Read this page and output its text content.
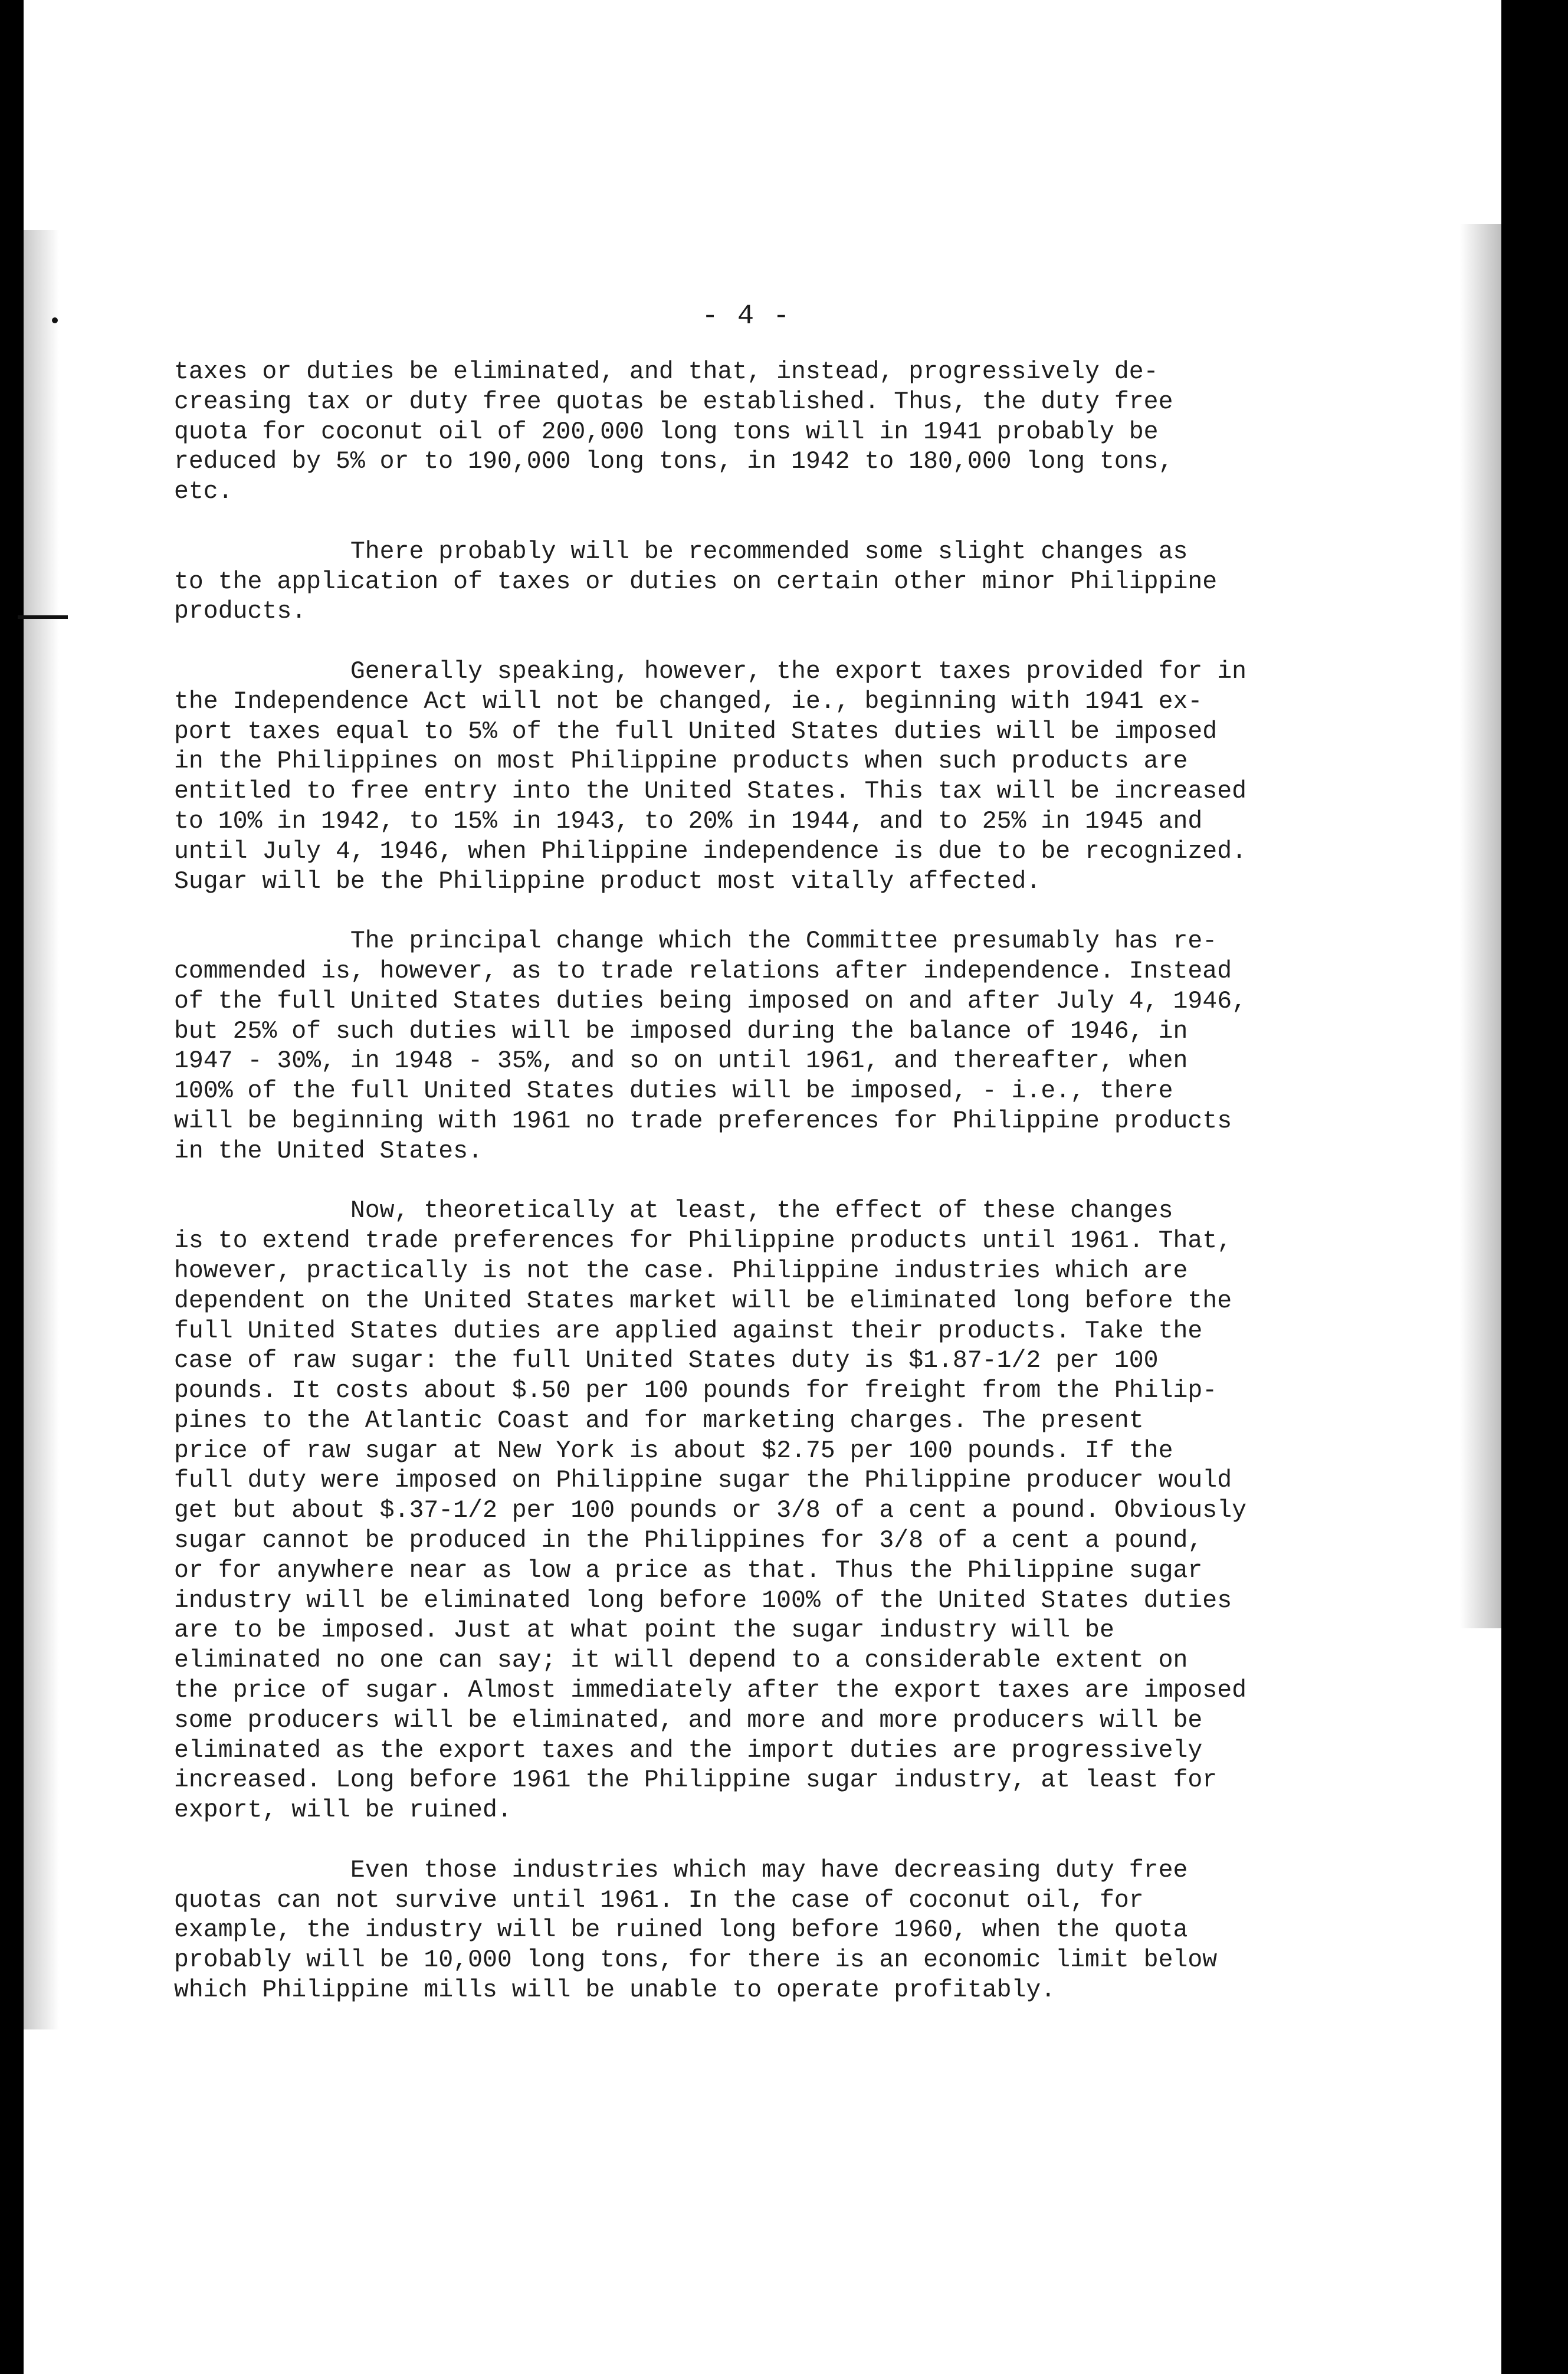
- 4 -
taxes or duties be eliminated, and that, instead, progressively de-
creasing tax or duty free quotas be established. Thus, the duty free
quota for coconut oil of 200,000 long tons will in 1941 probably be
reduced by 5% or to 190,000 long tons, in 1942 to 180,000 long tons,
etc.
There probably will be recommended some slight changes as
to the application of taxes or duties on certain other minor Philippine
products.
Generally speaking, however, the export taxes provided for in
the Independence Act will not be changed, ie., beginning with 1941 ex-
port taxes equal to 5% of the full United States duties will be imposed
in the Philippines on most Philippine products when such products are
entitled to free entry into the United States. This tax will be increased
to 10% in 1942, to 15% in 1943, to 20% in 1944, and to 25% in 1945 and
until July 4, 1946, when Philippine independence is due to be recognized.
Sugar will be the Philippine product most vitally affected.
The principal change which the Committee presumably has re-
commended is, however, as to trade relations after independence. Instead
of the full United States duties being imposed on and after July 4, 1946,
but 25% of such duties will be imposed during the balance of 1946, in
1947 - 30%, in 1948 - 35%, and so on until 1961, and thereafter, when
100% of the full United States duties will be imposed, - i.e., there
will be beginning with 1961 no trade preferences for Philippine products
in the United States.
Now, theoretically at least, the effect of these changes
is to extend trade preferences for Philippine products until 1961. That,
however, practically is not the case. Philippine industries which are
dependent on the United States market will be eliminated long before the
full United States duties are applied against their products. Take the
case of raw sugar: the full United States duty is $1.87-1/2 per 100
pounds. It costs about $.50 per 100 pounds for freight from the Philip-
pines to the Atlantic Coast and for marketing charges. The present
price of raw sugar at New York is about $2.75 per 100 pounds. If the
full duty were imposed on Philippine sugar the Philippine producer would
get but about $.37-1/2 per 100 pounds or 3/8 of a cent a pound. Obviously
sugar cannot be produced in the Philippines for 3/8 of a cent a pound,
or for anywhere near as low a price as that. Thus the Philippine sugar
industry will be eliminated long before 100% of the United States duties
are to be imposed. Just at what point the sugar industry will be
eliminated no one can say; it will depend to a considerable extent on
the price of sugar. Almost immediately after the export taxes are imposed
some producers will be eliminated, and more and more producers will be
eliminated as the export taxes and the import duties are progressively
increased. Long before 1961 the Philippine sugar industry, at least for
export, will be ruined.
Even those industries which may have decreasing duty free
quotas can not survive until 1961. In the case of coconut oil, for
example, the industry will be ruined long before 1960, when the quota
probably will be 10,000 long tons, for there is an economic limit below
which Philippine mills will be unable to operate profitably.
